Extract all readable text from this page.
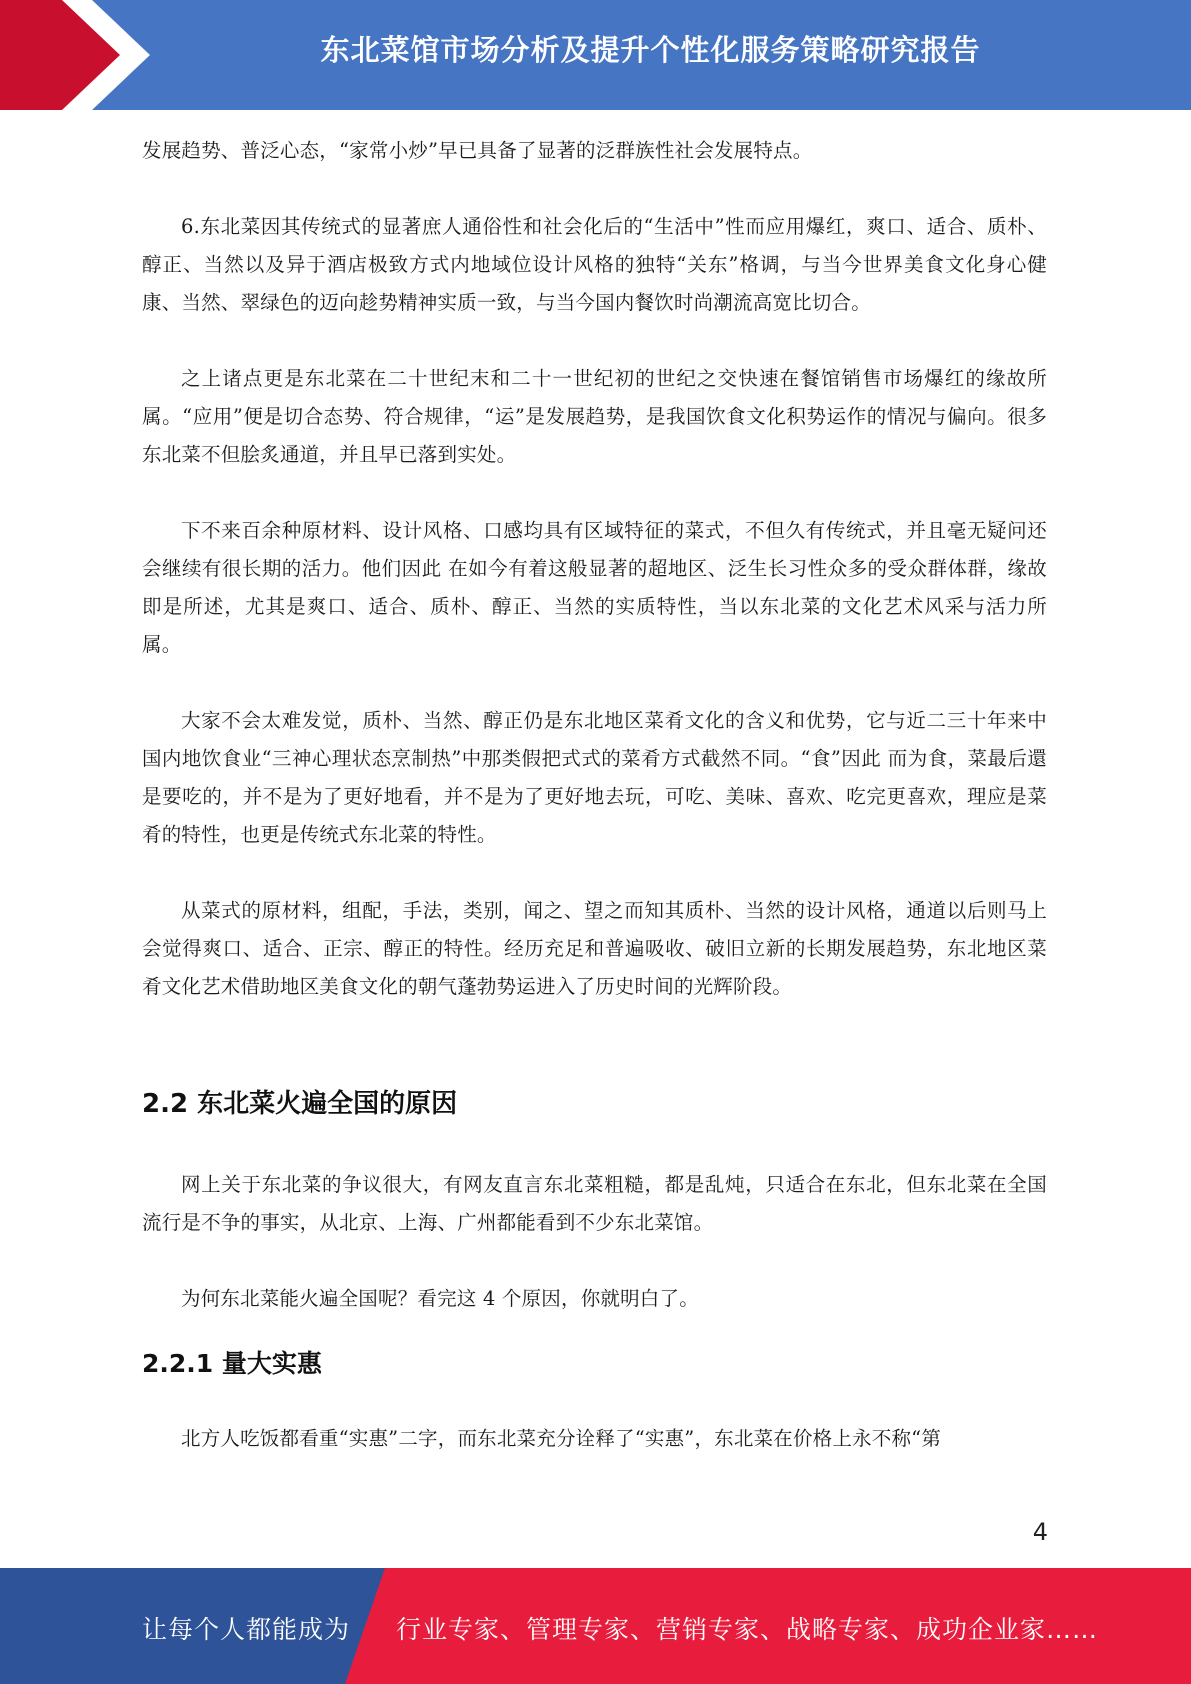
东北菜馆市场分析及提升个性化服务策略研究报告

发展趋势、普泛心态，“家常小炒”早已具备了显著的泛群族性社会发展特点。

6.东北菜因其传统式的显著庶人通俗性和社会化后的“生活中”性而应用爆红，爽口、适合、质朴、醇正、当然以及异于酒店极致方式内地域位设计风格的独特“关东”格调，与当今世界美食文化身心健康、当然、翠绿色的迈向趁势精神实质一致，与当今国内餐饮时尚潮流高宽比切合。

之上诸点更是东北菜在二十世纪末和二十一世纪初的世纪之交快速在餐馆销售市场爆红的缘故所属。“应用”便是切合态势、符合规律，“运”是发展趋势，是我国饮食文化积势运作的情况与偏向。很多东北菜不但脍炙通道，并且早已落到实处。

下不来百余种原材料、设计风格、口感均具有区域特征的菜式，不但久有传统式，并且毫无疑问还会继续有很长期的活力。他们因此 在如今有着这般显著的超地区、泛生长习性众多的受众群体群，缘故即是所述，尤其是爽口、适合、质朴、醇正、当然的实质特性，当以东北菜的文化艺术风采与活力所属。

大家不会太难发觉，质朴、当然、醇正仍是东北地区菜肴文化的含义和优势，它与近二三十年来中国内地饮食业“三神心理状态烹制热”中那类假把式式的菜肴方式截然不同。“食”因此 而为食，菜最后還是要吃的，并不是为了更好地看，并不是为了更好地去玩，可吃、美味、喜欢、吃完更喜欢，理应是菜肴的特性，也更是传统式东北菜的特性。

从菜式的原材料，组配，手法，类别，闻之、望之而知其质朴、当然的设计风格，通道以后则马上会觉得爽口、适合、正宗、醇正的特性。经历充足和普遍吸收、破旧立新的长期发展趋势，东北地区菜肴文化艺术借助地区美食文化的朝气蓬勃势运进入了历史时间的光辉阶段。

2.2 东北菜火遍全国的原因

网上关于东北菜的争议很大，有网友直言东北菜粗糙，都是乱炖，只适合在东北，但东北菜在全国流行是不争的事实，从北京、上海、广州都能看到不少东北菜馆。

为何东北菜能火遍全国呢？看完这 4 个原因，你就明白了。

2.2.1 量大实惠

北方人吃饭都看重“实惠”二字，而东北菜充分诠释了“实惠”，东北菜在价格上永不称“第

4
让每个人都能成为 行业专家、管理专家、营销专家、战略专家、成功企业家……
